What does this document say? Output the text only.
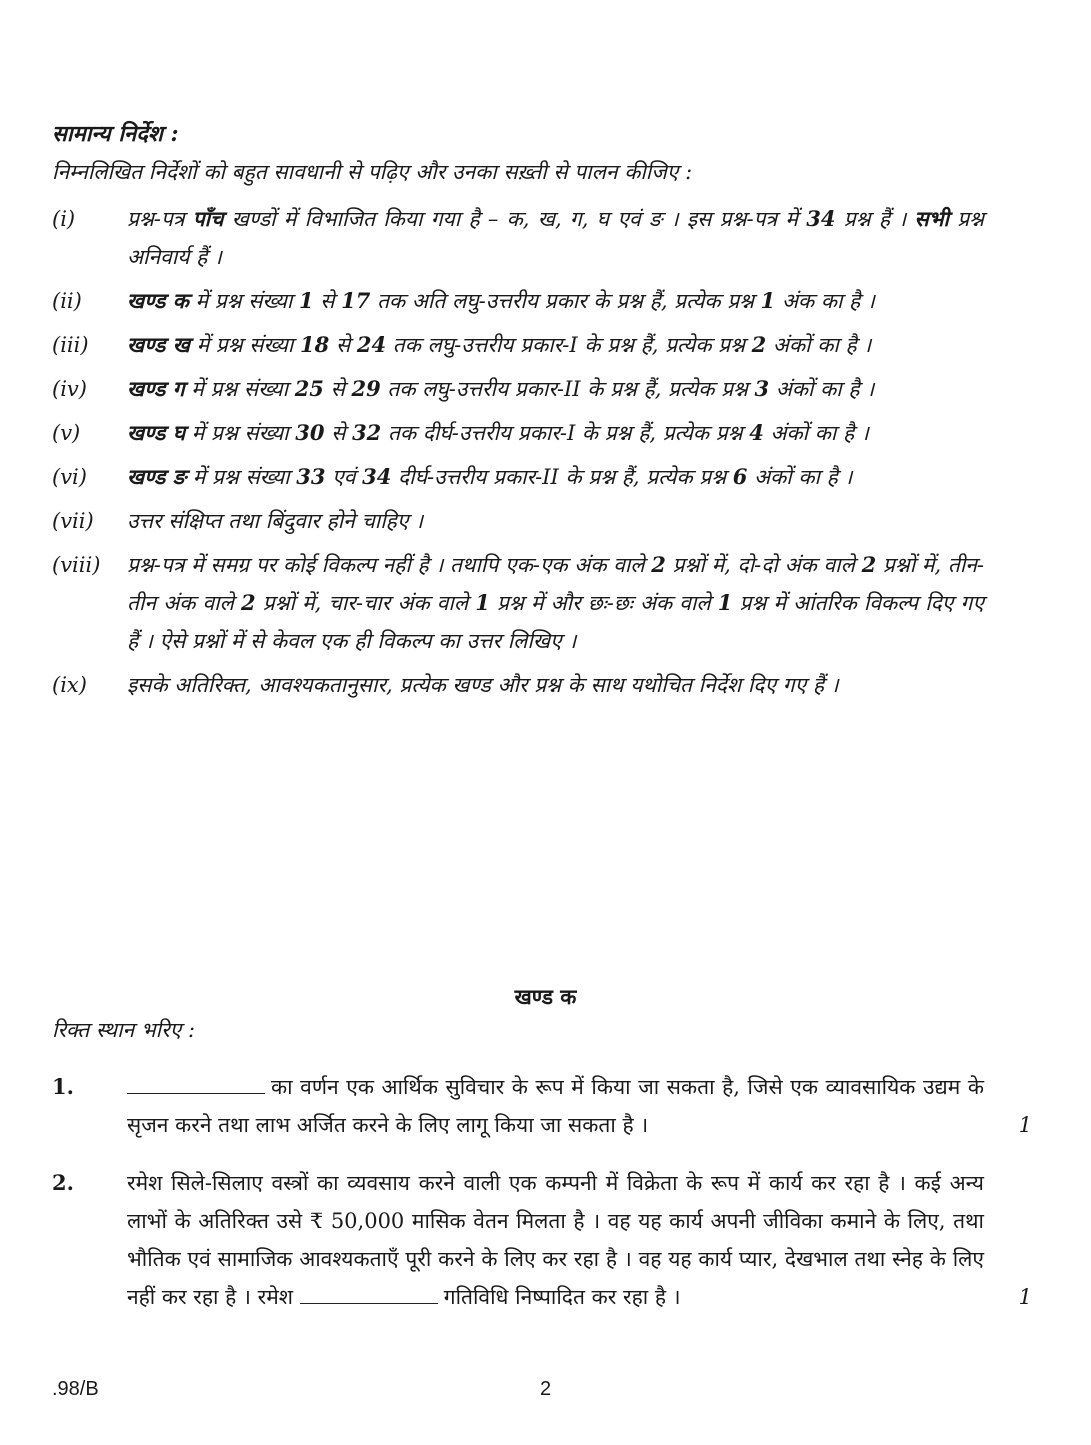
सामान्य निर्देश :
निम्नलिखित निर्देशों को बहुत सावधानी से पढ़िए और उनका सख़्ती से पालन कीजिए :
(i)	प्रश्न-पत्र पाँच खण्डों में विभाजित किया गया है – क, ख, ग, घ एवं ङ । इस प्रश्न-पत्र में 34 प्रश्न हैं । सभी प्रश्न अनिवार्य हैं ।
(ii)	खण्ड क में प्रश्न संख्या 1 से 17 तक अति लघु-उत्तरीय प्रकार के प्रश्न हैं, प्रत्येक प्रश्न 1 अंक का है ।
(iii)	खण्ड ख में प्रश्न संख्या 18 से 24 तक लघु-उत्तरीय प्रकार-I के प्रश्न हैं, प्रत्येक प्रश्न 2 अंकों का है ।
(iv)	खण्ड ग में प्रश्न संख्या 25 से 29 तक लघु-उत्तरीय प्रकार-II के प्रश्न हैं, प्रत्येक प्रश्न 3 अंकों का है ।
(v)	खण्ड घ में प्रश्न संख्या 30 से 32 तक दीर्घ-उत्तरीय प्रकार-I के प्रश्न हैं, प्रत्येक प्रश्न 4 अंकों का है ।
(vi)	खण्ड ङ में प्रश्न संख्या 33 एवं 34 दीर्घ-उत्तरीय प्रकार-II के प्रश्न हैं, प्रत्येक प्रश्न 6 अंकों का है ।
(vii)	उत्तर संक्षिप्त तथा बिंदुवार होने चाहिए ।
(viii)	प्रश्न-पत्र में समग्र पर कोई विकल्प नहीं है । तथापि एक-एक अंक वाले 2 प्रश्नों में, दो-दो अंक वाले 2 प्रश्नों में, तीन-तीन अंक वाले 2 प्रश्नों में, चार-चार अंक वाले 1 प्रश्न में और छः-छः अंक वाले 1 प्रश्न में आंतरिक विकल्प दिए गए हैं । ऐसे प्रश्नों में से केवल एक ही विकल्प का उत्तर लिखिए ।
(ix)	इसके अतिरिक्त, आवश्यकतानुसार, प्रत्येक खण्ड और प्रश्न के साथ यथोचित निर्देश दिए गए हैं ।
खण्ड क
रिक्त स्थान भरिए :
1.	का वर्णन एक आर्थिक सुविचार के रूप में किया जा सकता है, जिसे एक व्यावसायिक उद्यम के सृजन करने तथा लाभ अर्जित करने के लिए लागू किया जा सकता है ।	1
2.	रमेश सिले-सिलाए वस्त्रों का व्यवसाय करने वाली एक कम्पनी में विक्रेता के रूप में कार्य कर रहा है । कई अन्य लाभों के अतिरिक्त उसे ₹ 50,000 मासिक वेतन मिलता है । वह यह कार्य अपनी जीविका कमाने के लिए, तथा भौतिक एवं सामाजिक आवश्यकताएँ पूरी करने के लिए कर रहा है । वह यह कार्य प्यार, देखभाल तथा स्नेह के लिए नहीं कर रहा है । रमेश	गतिविधि निष्पादित कर रहा है ।	1
.98/B	2
